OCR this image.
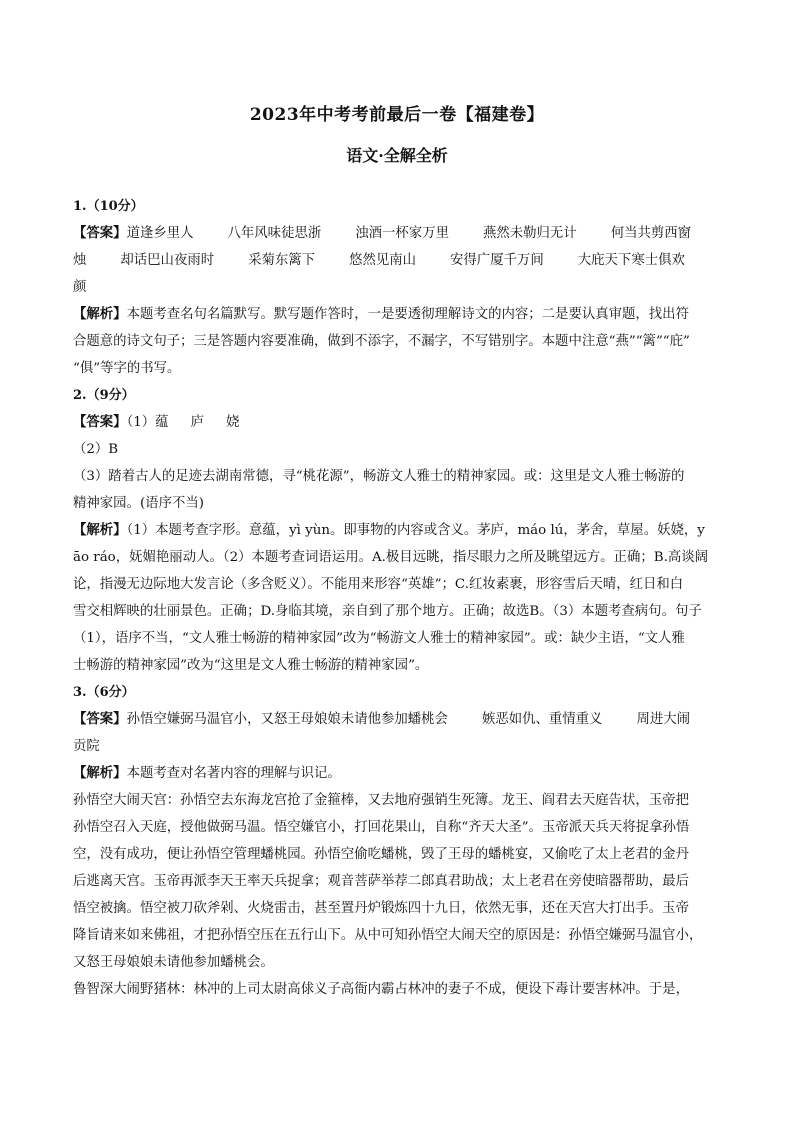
2023年中考考前最后一卷【福建卷】
语文·全解全析
1.（10分）
【答案】道逢乡里人	八年风味徒思浙	浊酒一杯家万里	燕然未勒归无计	何当共剪西窗
烛	却话巴山夜雨时	采菊东篱下	悠然见南山	安得广厦千万间	大庇天下寒士俱欢
颜
【解析】本题考查名句名篇默写。默写题作答时，一是要透彻理解诗文的内容；二是要认真审题，找出符
合题意的诗文句子；三是答题内容要准确，做到不添字，不漏字，不写错别字。本题中注意“燕”“篱”“庇”
“俱”等字的书写。
2.（9分）
【答案】（1）蕴 庐 娆
（2）B
（3）踏着古人的足迹去湖南常德，寻“桃花源”，畅游文人雅士的精神家园。或：这里是文人雅士畅游的
精神家园。(语序不当)
【解析】（1）本题考查字形。意蕴，yì yùn。即事物的内容或含义。茅庐，máo lú，茅舍，草屋。妖娆，y
āo ráo，妩媚艳丽动人。（2）本题考查词语运用。A.极目远眺，指尽眼力之所及眺望远方。正确；B.高谈阔
论，指漫无边际地大发言论（多含贬义）。不能用来形容“英雄”；C.红妆素裹，形容雪后天晴，红日和白
雪交相辉映的壮丽景色。正确；D.身临其境，亲自到了那个地方。正确；故选B。（3）本题考查病句。句子
（1），语序不当，“文人雅士畅游的精神家园”改为“畅游文人雅士的精神家园”。或：缺少主语，“文人雅
士畅游的精神家园”改为“这里是文人雅士畅游的精神家园”。
3.（6分）
【答案】孙悟空嫌弼马温官小，又怒王母娘娘未请他参加蟠桃会	嫉恶如仇、重情重义	周进大闹
贡院
【解析】本题考查对名著内容的理解与识记。
孙悟空大闹天宫：孙悟空去东海龙宫抢了金箍棒，又去地府强销生死簿。龙王、阎君去天庭告状，玉帝把
孙悟空召入天庭，授他做弼马温。悟空嫌官小，打回花果山，自称“齐天大圣”。玉帝派天兵天将捉拿孙悟
空，没有成功，便让孙悟空管理蟠桃园。孙悟空偷吃蟠桃，毁了王母的蟠桃宴，又偷吃了太上老君的金丹
后逃离天宫。玉帝再派李天王率天兵捉拿；观音菩萨举荐二郎真君助战；太上老君在旁使暗器帮助，最后
悟空被擒。悟空被刀砍斧剁、火烧雷击，甚至置丹炉锻炼四十九日，依然无事，还在天宫大打出手。玉帝
降旨请来如来佛祖，才把孙悟空压在五行山下。从中可知孙悟空大闹天空的原因是：孙悟空嫌弼马温官小，
又怒王母娘娘未请他参加蟠桃会。
鲁智深大闹野猪林：林冲的上司太尉高俅义子高衙内霸占林冲的妻子不成，便设下毒计要害林冲。于是，
